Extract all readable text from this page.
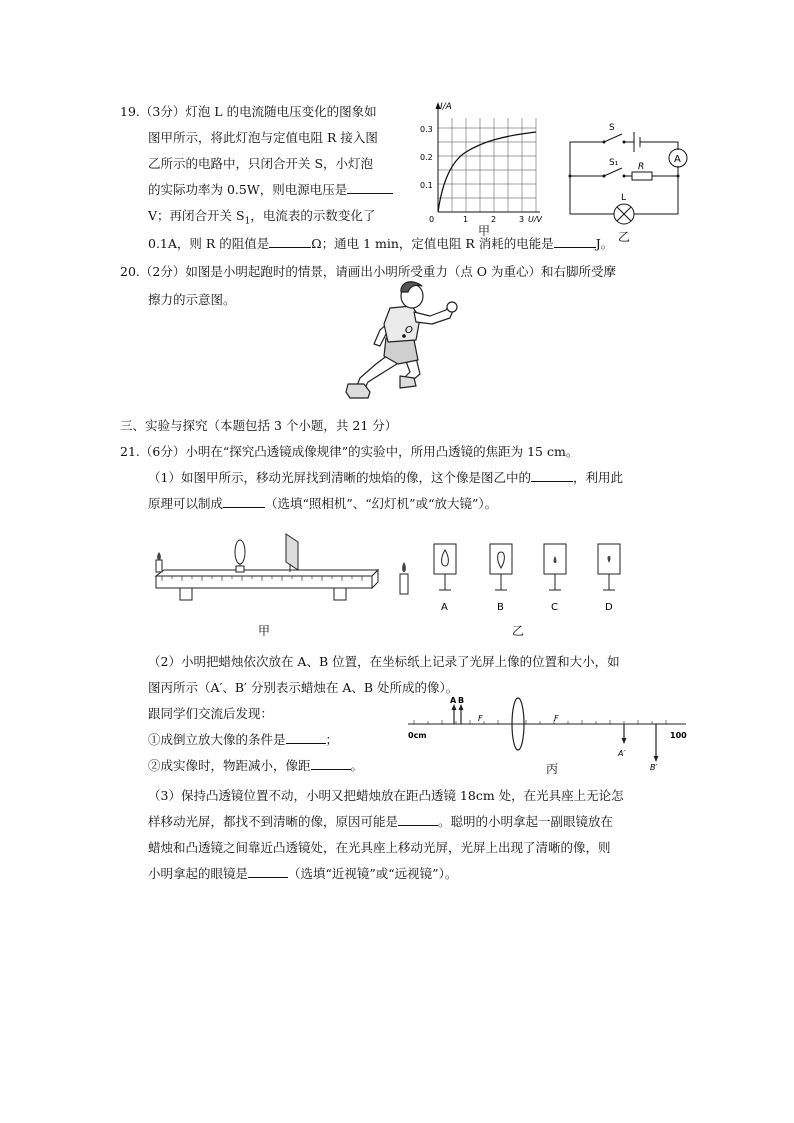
19.（3分）灯泡 L 的电流随电压变化的图象如
图甲所示，将此灯泡与定值电阻 R 接入图
乙所示的电路中，只闭合开关 S，小灯泡
的实际功率为 0.5W，则电源电压是
V；再闭合开关 $S_1$，电流表的示数变化了
0.1A，则 R 的阻值是	Ω；通电 1 min，定值电阻 R 消耗的电能是	J。
I/A
0.3
0.2
0.1
0	1	2	3 U/V
甲
S
S₁ R
L
A
乙
20.（2分）如图是小明起跑时的情景，请画出小明所受重力（点 O 为重心）和右脚所受摩
擦力的示意图。
O
三、实验与探究（本题包括 3 个小题，共 21 分）
21.（6分）小明在“探究凸透镜成像规律”的实验中，所用凸透镜的焦距为 15 cm。
（1）如图甲所示，移动光屏找到清晰的烛焰的像，这个像是图乙中的	，利用此
原理可以制成	（选填“照相机”、“幻灯机”或“放大镜”）。
甲
A	B	C	D
乙
（2）小明把蜡烛依次放在 A、B 位置，在坐标纸上记录了光屏上像的位置和大小，如
图丙所示（A′、B′ 分别表示蜡烛在 A、B 处所成的像）。
跟同学们交流后发现：
①成倒立放大像的条件是	；
②成实像时，物距减小，像距	。
A B
F	F
A′
B′
0cm	100
丙
（3）保持凸透镜位置不动，小明又把蜡烛放在距凸透镜 18cm 处，在光具座上无论怎
样移动光屏，都找不到清晰的像，原因可能是	。聪明的小明拿起一副眼镜放在
蜡烛和凸透镜之间靠近凸透镜处，在光具座上移动光屏，光屏上出现了清晰的像，则
小明拿起的眼镜是	（选填“近视镜”或“远视镜”）。
